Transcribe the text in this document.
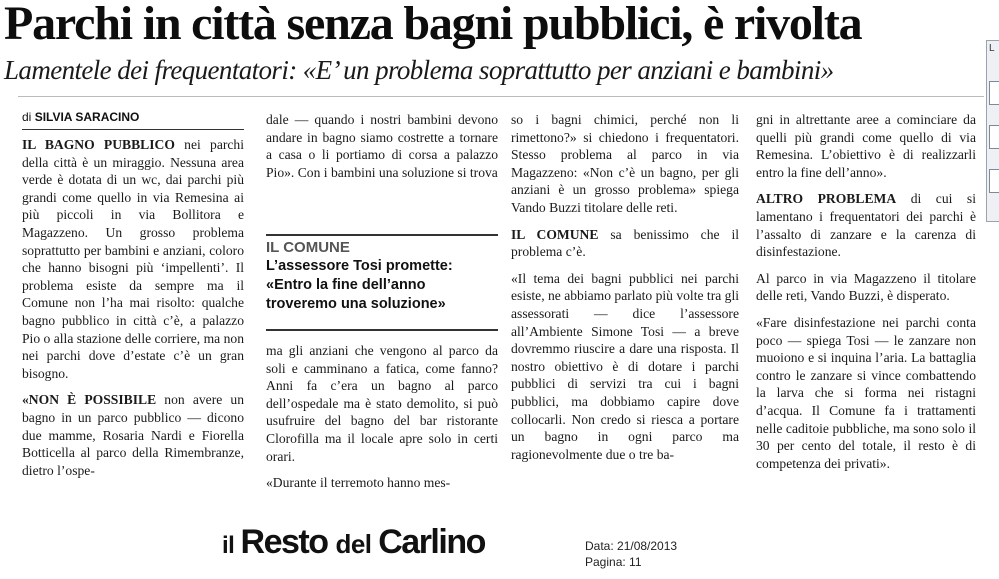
Parchi in città senza bagni pubblici, è rivolta
Lamentele dei frequentatori: «E’ un problema soprattutto per anziani e bambini»
di SILVIA SARACINO

IL BAGNO PUBBLICO nei parchi della città è un miraggio. Nessuna area verde è dotata di un wc, dai parchi più grandi come quello in via Remesina ai più piccoli in via Bollitora e Magazzeno. Un grosso problema soprattutto per bambini e anziani, coloro che hanno bisogni più ‘impellenti’. Il problema esiste da sempre ma il Comune non l’ha mai risolto: qualche bagno pubblico in città c’è, a palazzo Pio o alla stazione delle corriere, ma non nei parchi dove d’estate c’è un gran bisogno.

«NON È POSSIBILE non avere un bagno in un parco pubblico — dicono due mamme, Rosaria Nardi e Fiorella Botticella al parco della Rimembranze, dietro l’ospe-

dale — quando i nostri bambini devono andare in bagno siamo costrette a tornare a casa o li portiamo di corsa a palazzo Pio». Con i bambini una soluzione si trova

IL COMUNE
L’assessore Tosi promette: «Entro la fine dell’anno troveremo una soluzione»

ma gli anziani che vengono al parco da soli e camminano a fatica, come fanno? Anni fa c’era un bagno al parco dell’ospedale ma è stato demolito, si può usufruire del bagno del bar ristorante Clorofilla ma il locale apre solo in certi orari.

«Durante il terremoto hanno mes-

so i bagni chimici, perché non li rimettono?» si chiedono i frequentatori. Stesso problema al parco in via Magazzeno: «Non c’è un bagno, per gli anziani è un grosso problema» spiega Vando Buzzi titolare delle reti.

IL COMUNE sa benissimo che il problema c’è.

«Il tema dei bagni pubblici nei parchi esiste, ne abbiamo parlato più volte tra gli assessorati — dice l’assessore all’Ambiente Simone Tosi — a breve dovremmo riuscire a dare una risposta. Il nostro obiettivo è di dotare i parchi pubblici di servizi tra cui i bagni pubblici, ma dobbiamo capire dove collocarli. Non credo si riesca a portare un bagno in ogni parco ma ragionevolmente due o tre ba-

gni in altrettante aree a cominciare da quelli più grandi come quello di via Remesina. L’obiettivo è di realizzarli entro la fine dell’anno».

ALTRO PROBLEMA di cui si lamentano i frequentatori dei parchi è l’assalto di zanzare e la carenza di disinfestazione.

Al parco in via Magazzeno il titolare delle reti, Vando Buzzi, è disperato.

«Fare disinfestazione nei parchi conta poco — spiega Tosi — le zanzare non muoiono e si inquina l’aria. La battaglia contro le zanzare si vince combattendo la larva che si forma nei ristagni d’acqua. Il Comune fa i trattamenti nelle caditoie pubbliche, ma sono solo il 30 per cento del totale, il resto è di competenza dei privati».

il Resto del Carlino	Data: 21/08/2013
Pagina: 11
L
